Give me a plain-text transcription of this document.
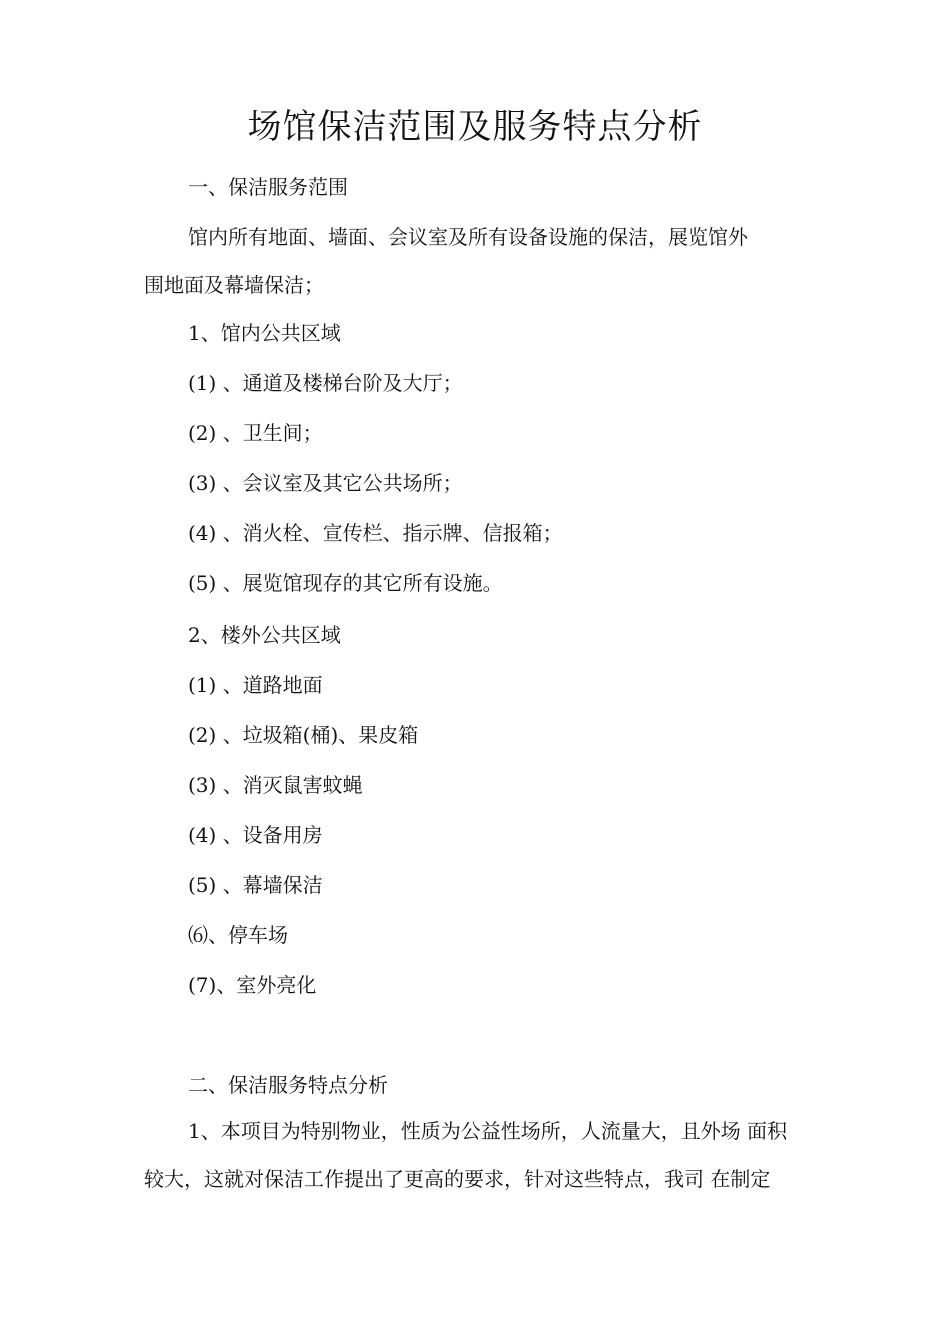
场馆保洁范围及服务特点分析
一、保洁服务范围
馆内所有地面、墙面、会议室及所有设备设施的保洁，展览馆外
围地面及幕墙保洁；
1、馆内公共区域
(1) 、通道及楼梯台阶及大厅；
(2) 、卫生间；
(3) 、会议室及其它公共场所；
(4) 、消火栓、宣传栏、指示牌、信报箱；
(5) 、展览馆现存的其它所有设施。
2、楼外公共区域
(1) 、道路地面
(2) 、垃圾箱(桶)、果皮箱
(3) 、消灭鼠害蚊蝇
(4) 、设备用房
(5) 、幕墙保洁
⑹、停车场
(7)、室外亮化
二、保洁服务特点分析
1、本项目为特别物业，性质为公益性场所，人流量大，且外场 面积
较大，这就对保洁工作提出了更高的要求，针对这些特点，我司 在制定
